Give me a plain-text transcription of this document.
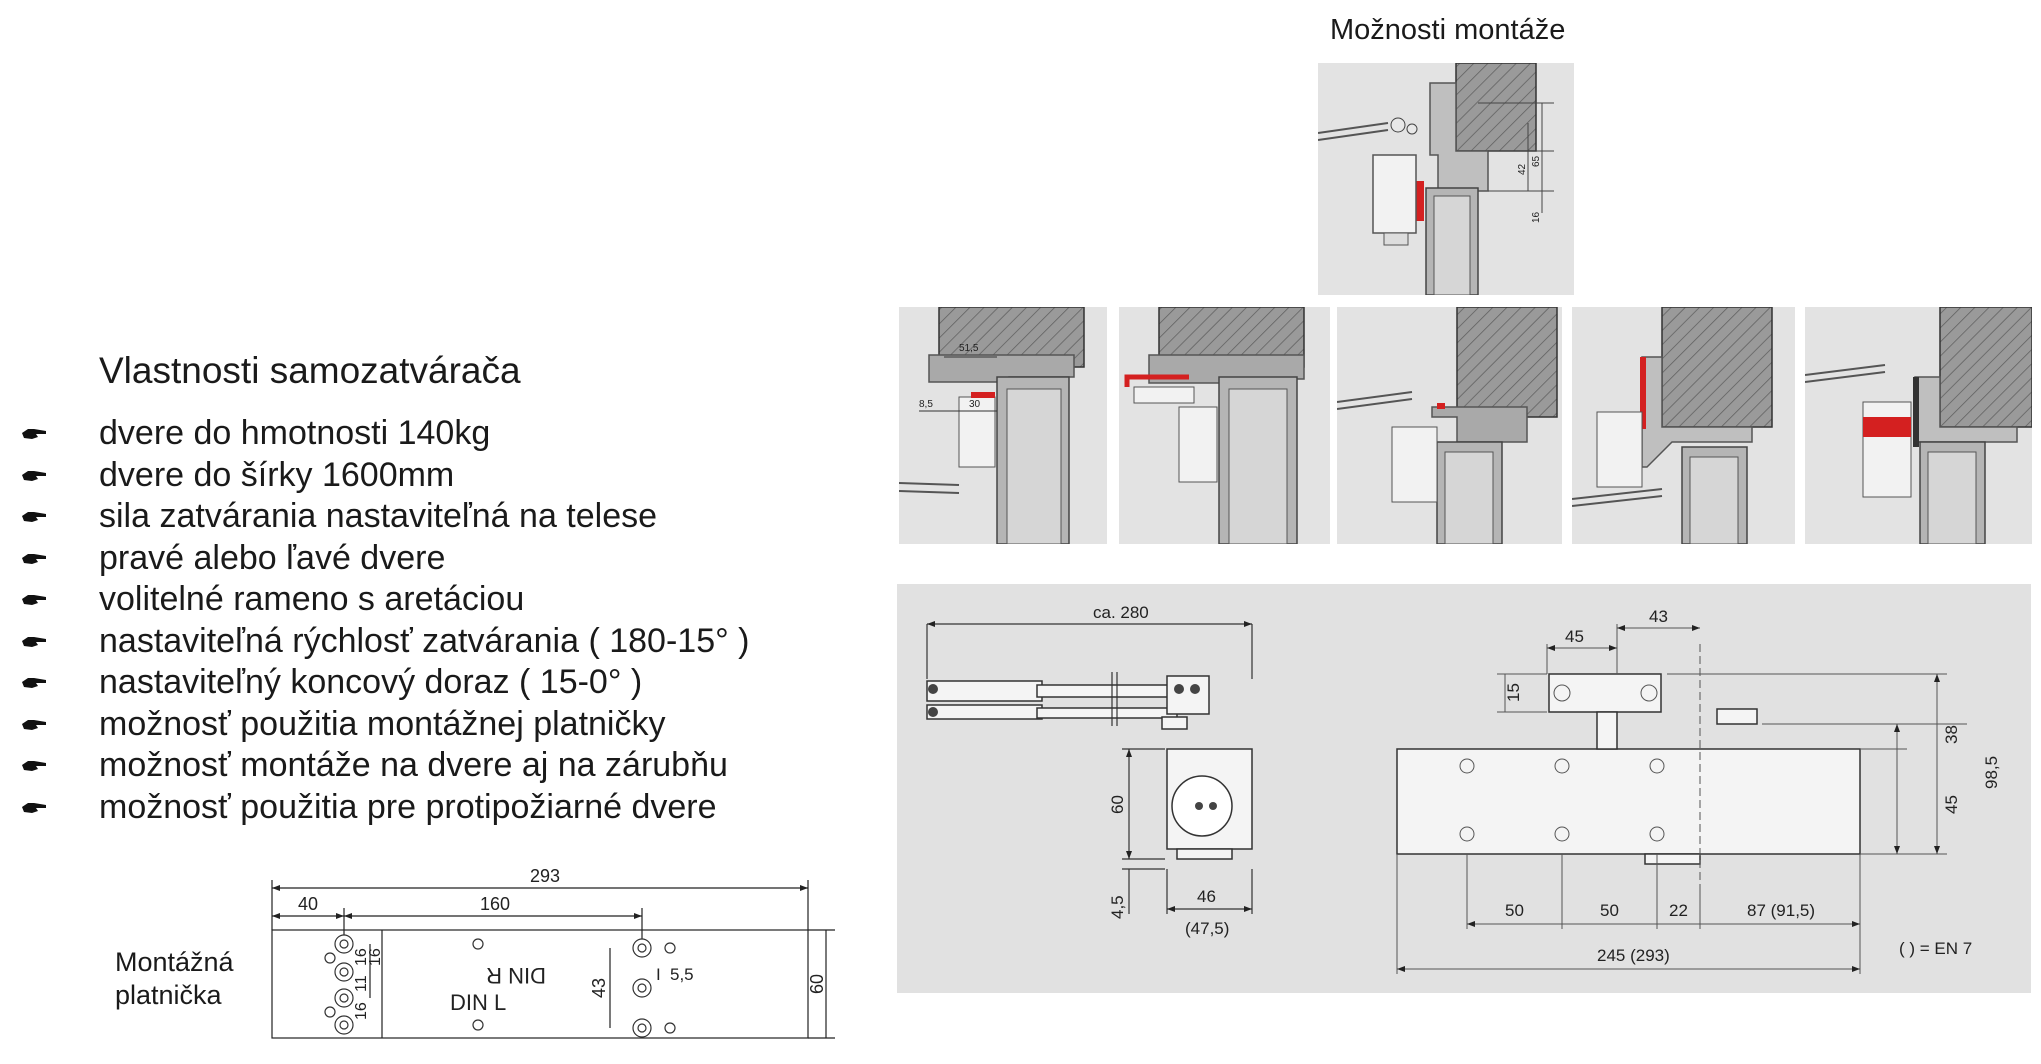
Možnosti montáže
42
65
16
51,5
8,5	30
Vlastnosti samozatvárača
dvere do hmotnosti 140kg
dvere do šírky 1600mm
sila zatvárania nastaviteľná na telese
pravé alebo ľavé dvere
volitelné rameno s aretáciou
nastaviteľná rýchlosť zatvárania ( 180-15° )
nastaviteľný koncový doraz ( 15-0° )
možnosť použitia montážnej platničky
možnosť montáže na dvere aj na zárubňu
možnosť použitia pre protipožiarné dvere
Montážná
platnička
293
40	160
60
43
16
11
16
16
I 5,5
DIN R
DIN L
ca. 280
60
4,5	46
(47,5)
43
45
15
38
45
98,5
50	50	22	87 (91,5)
245 (293)	( ) = EN 7
